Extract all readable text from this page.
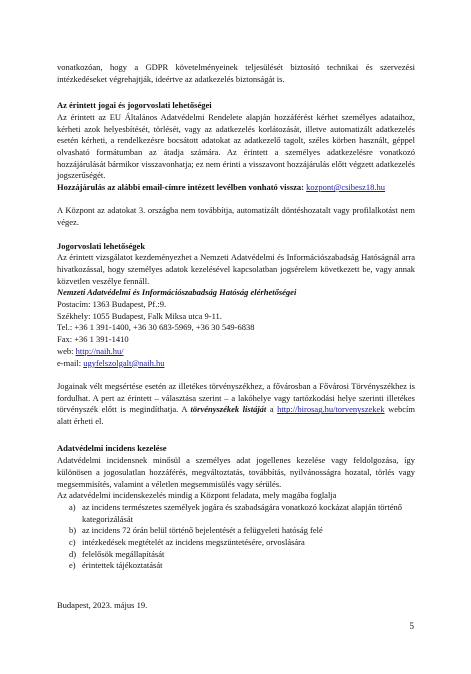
vonatkozóan, hogy a GDPR követelményeinek teljesülését biztosító technikai és szervezési intézkedéseket végrehajtják, ideértve az adatkezelés biztonságát is.

Az érintett jogai és jogorvoslati lehetőségei

Az érintett az EU Általános Adatvédelmi Rendelete alapján hozzáférést kérhet személyes adataihoz, kérheti azok helyesbítését, törlését, vagy az adatkezelés korlátozását, illetve automatizált adatkezelés esetén kérheti, a rendelkezésre bocsátott adatokat az adatkezelő tagolt, széles körben használt, géppel olvasható formátumban az átadja számára. Az érintett a személyes adatkezelésre vonatkozó hozzájárulását bármikor visszavonhatja; ez nem érinti a visszavont hozzájárulás előtt végzett adatkezelés jogszerűségét.

Hozzájárulás az alábbi email-címre intézett levélben vonható vissza: kozpont@csibesz18.hu

A Központ az adatokat 3. országba nem továbbítja, automatizált döntéshozatalt vagy profilalkotást nem végez.

Jogorvoslati lehetőségek

Az érintett vizsgálatot kezdeményezhet a Nemzeti Adatvédelmi és Információszabadság Hatóságnál arra hivatkozással, hogy személyes adatok kezelésével kapcsolatban jogsérelem következett be, vagy annak közvetlen veszélye fennáll.

Nemzeti Adatvédelmi és Információszabadság Hatóság elérhetőségei

Postacím: 1363 Budapest, Pf.:9.

Székhely: 1055 Budapest, Falk Miksa utca 9-11.

Tel.: +36 1 391-1400, +36 30 683-5969, +36 30 549-6838

Fax: +36 1 391-1410

web: http://naih.hu/

e-mail: ugyfelszolgalt@naih.hu

Jogainak vélt megsértése esetén az illetékes törvényszékhez, a fővárosban a Fővárosi Törvényszékhez is fordulhat. A pert az érintett – választása szerint – a lakóhelye vagy tartózkodási helye szerinti illetékes törvényszék előtt is megindíthatja. A törvényszékek listáját a http://birosag.hu/torvenyszekek webcím alatt érheti el.

Adatvédelmi incidens kezelése

Adatvédelmi incidensnek minősül a személyes adat jogellenes kezelése vagy feldolgozása, így különösen a jogosulatlan hozzáférés, megváltoztatás, továbbítás, nyilvánosságra hozatal, törlés vagy megsemmisítés, valamint a véletlen megsemmisülés vagy sérülés.

Az adatvédelmi incidenskezelés mindig a Központ feladata, mely magába foglalja

a) az incidens természetes személyek jogára és szabadságára vonatkozó kockázat alapján történő kategorizálását
b) az incidens 72 órán belül történő bejelentését a felügyeleti hatóság felé
c) intézkedések megtételét az incidens megszüntetésére, orvoslására
d) felelősök megállapítását
e) érintettek tájékoztatását

Budapest, 2023. május 19.

5
